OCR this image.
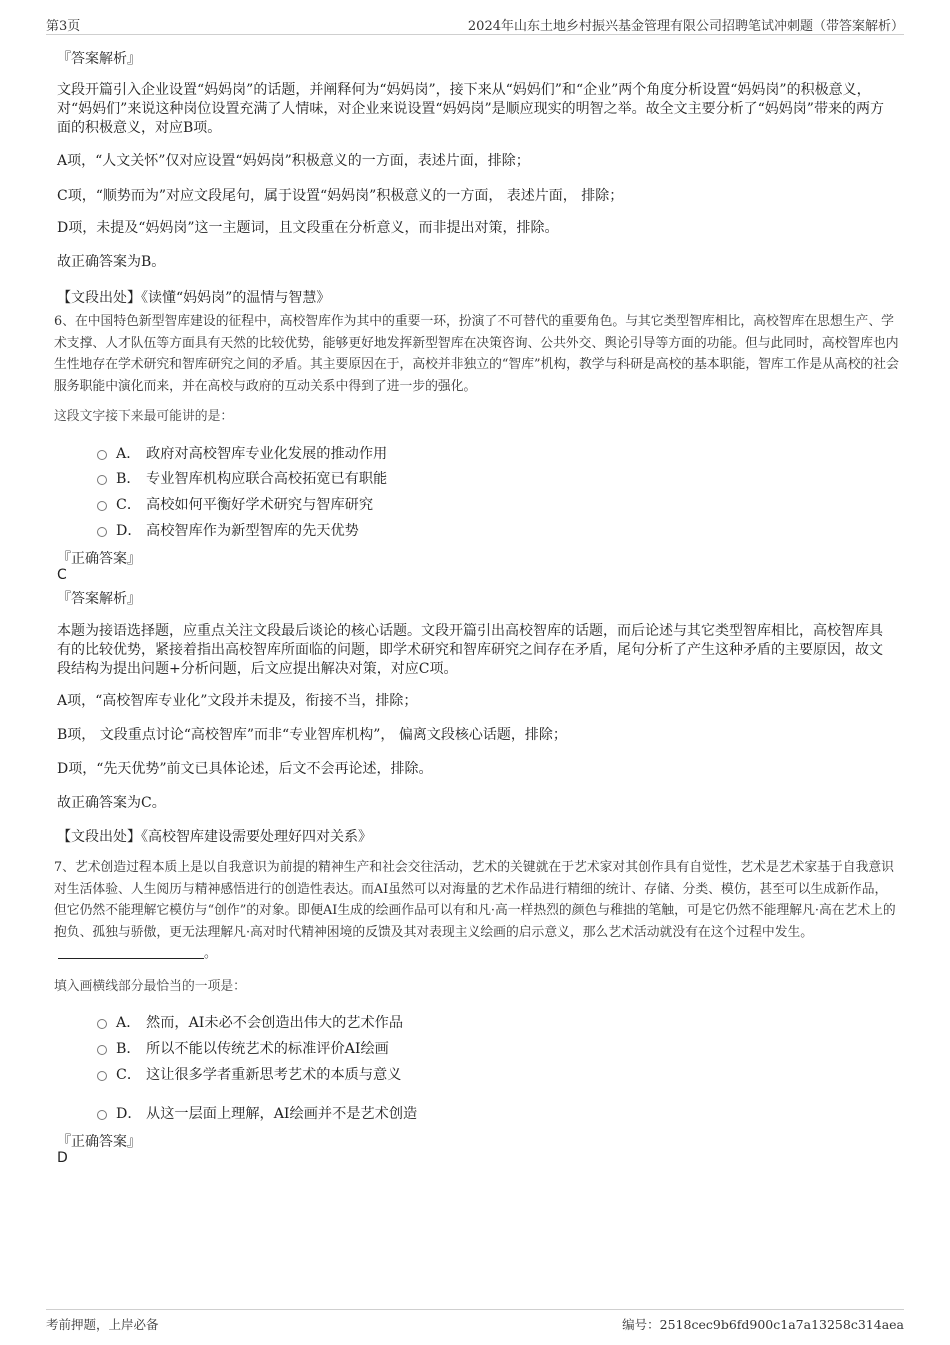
第3页	2024年山东土地乡村振兴基金管理有限公司招聘笔试冲刺题（带答案解析）
『答案解析』
文段开篇引入企业设置“妈妈岗”的话题，并阐释何为“妈妈岗”，接下来从“妈妈们”和“企业”两个角度分析设置“妈妈岗”的积极意义，对“妈妈们”来说这种岗位设置充满了人情味，对企业来说设置“妈妈岗”是顺应现实的明智之举。故全文主要分析了“妈妈岗”带来的两方面的积极意义，对应B项。
A项，“人文关怀”仅对应设置“妈妈岗”积极意义的一方面，表述片面，排除；
C项，“顺势而为”对应文段尾句，属于设置“妈妈岗”积极意义的一方面， 表述片面， 排除；
D项，未提及“妈妈岗”这一主题词，且文段重在分析意义，而非提出对策，排除。
故正确答案为B。
【文段出处】《读懂“妈妈岗”的温情与智慧》
6、在中国特色新型智库建设的征程中，高校智库作为其中的重要一环，扮演了不可替代的重要角色。与其它类型智库相比，高校智库在思想生产、学术支撑、人才队伍等方面具有天然的比较优势，能够更好地发挥新型智库在决策咨询、公共外交、舆论引导等方面的功能。但与此同时，高校智库也内生性地存在学术研究和智库研究之间的矛盾。其主要原因在于，高校并非独立的“智库”机构，教学与科研是高校的基本职能，智库工作是从高校的社会服务职能中演化而来，并在高校与政府的互动关系中得到了进一步的强化。
这段文字接下来最可能讲的是：
A． 政府对高校智库专业化发展的推动作用
B． 专业智库机构应联合高校拓宽已有职能
C． 高校如何平衡好学术研究与智库研究
D． 高校智库作为新型智库的先天优势
『正确答案』
C
『答案解析』
本题为接语选择题，应重点关注文段最后谈论的核心话题。文段开篇引出高校智库的话题，而后论述与其它类型智库相比，高校智库具有的比较优势，紧接着指出高校智库所面临的问题，即学术研究和智库研究之间存在矛盾，尾句分析了产生这种矛盾的主要原因，故文段结构为提出问题+分析问题，后文应提出解决对策，对应C项。
A项，“高校智库专业化”文段并未提及，衔接不当，排除；
B项， 文段重点讨论“高校智库”而非“专业智库机构”， 偏离文段核心话题，排除；
D项，“先天优势”前文已具体论述，后文不会再论述，排除。
故正确答案为C。
【文段出处】《高校智库建设需要处理好四对关系》
7、艺术创造过程本质上是以自我意识为前提的精神生产和社会交往活动，艺术的关键就在于艺术家对其创作具有自觉性，艺术是艺术家基于自我意识对生活体验、人生阅历与精神感悟进行的创造性表达。而AI虽然可以对海量的艺术作品进行精细的统计、存储、分类、模仿，甚至可以生成新作品，但它仍然不能理解它模仿与“创作”的对象。即便AI生成的绘画作品可以有和凡·高一样热烈的颜色与稚拙的笔触，可是它仍然不能理解凡·高在艺术上的抱负、孤独与骄傲，更无法理解凡·高对时代精神困境的反馈及其对表现主义绘画的启示意义，那么艺术活动就没有在这个过程中发生。。
填入画横线部分最恰当的一项是：
A． 然而，AI未必不会创造出伟大的艺术作品
B． 所以不能以传统艺术的标准评价AI绘画
C． 这让很多学者重新思考艺术的本质与意义
D． 从这一层面上理解，AI绘画并不是艺术创造
『正确答案』
D
考前押题，上岸必备	编号：2518cec9b6fd900c1a7a13258c314aea
